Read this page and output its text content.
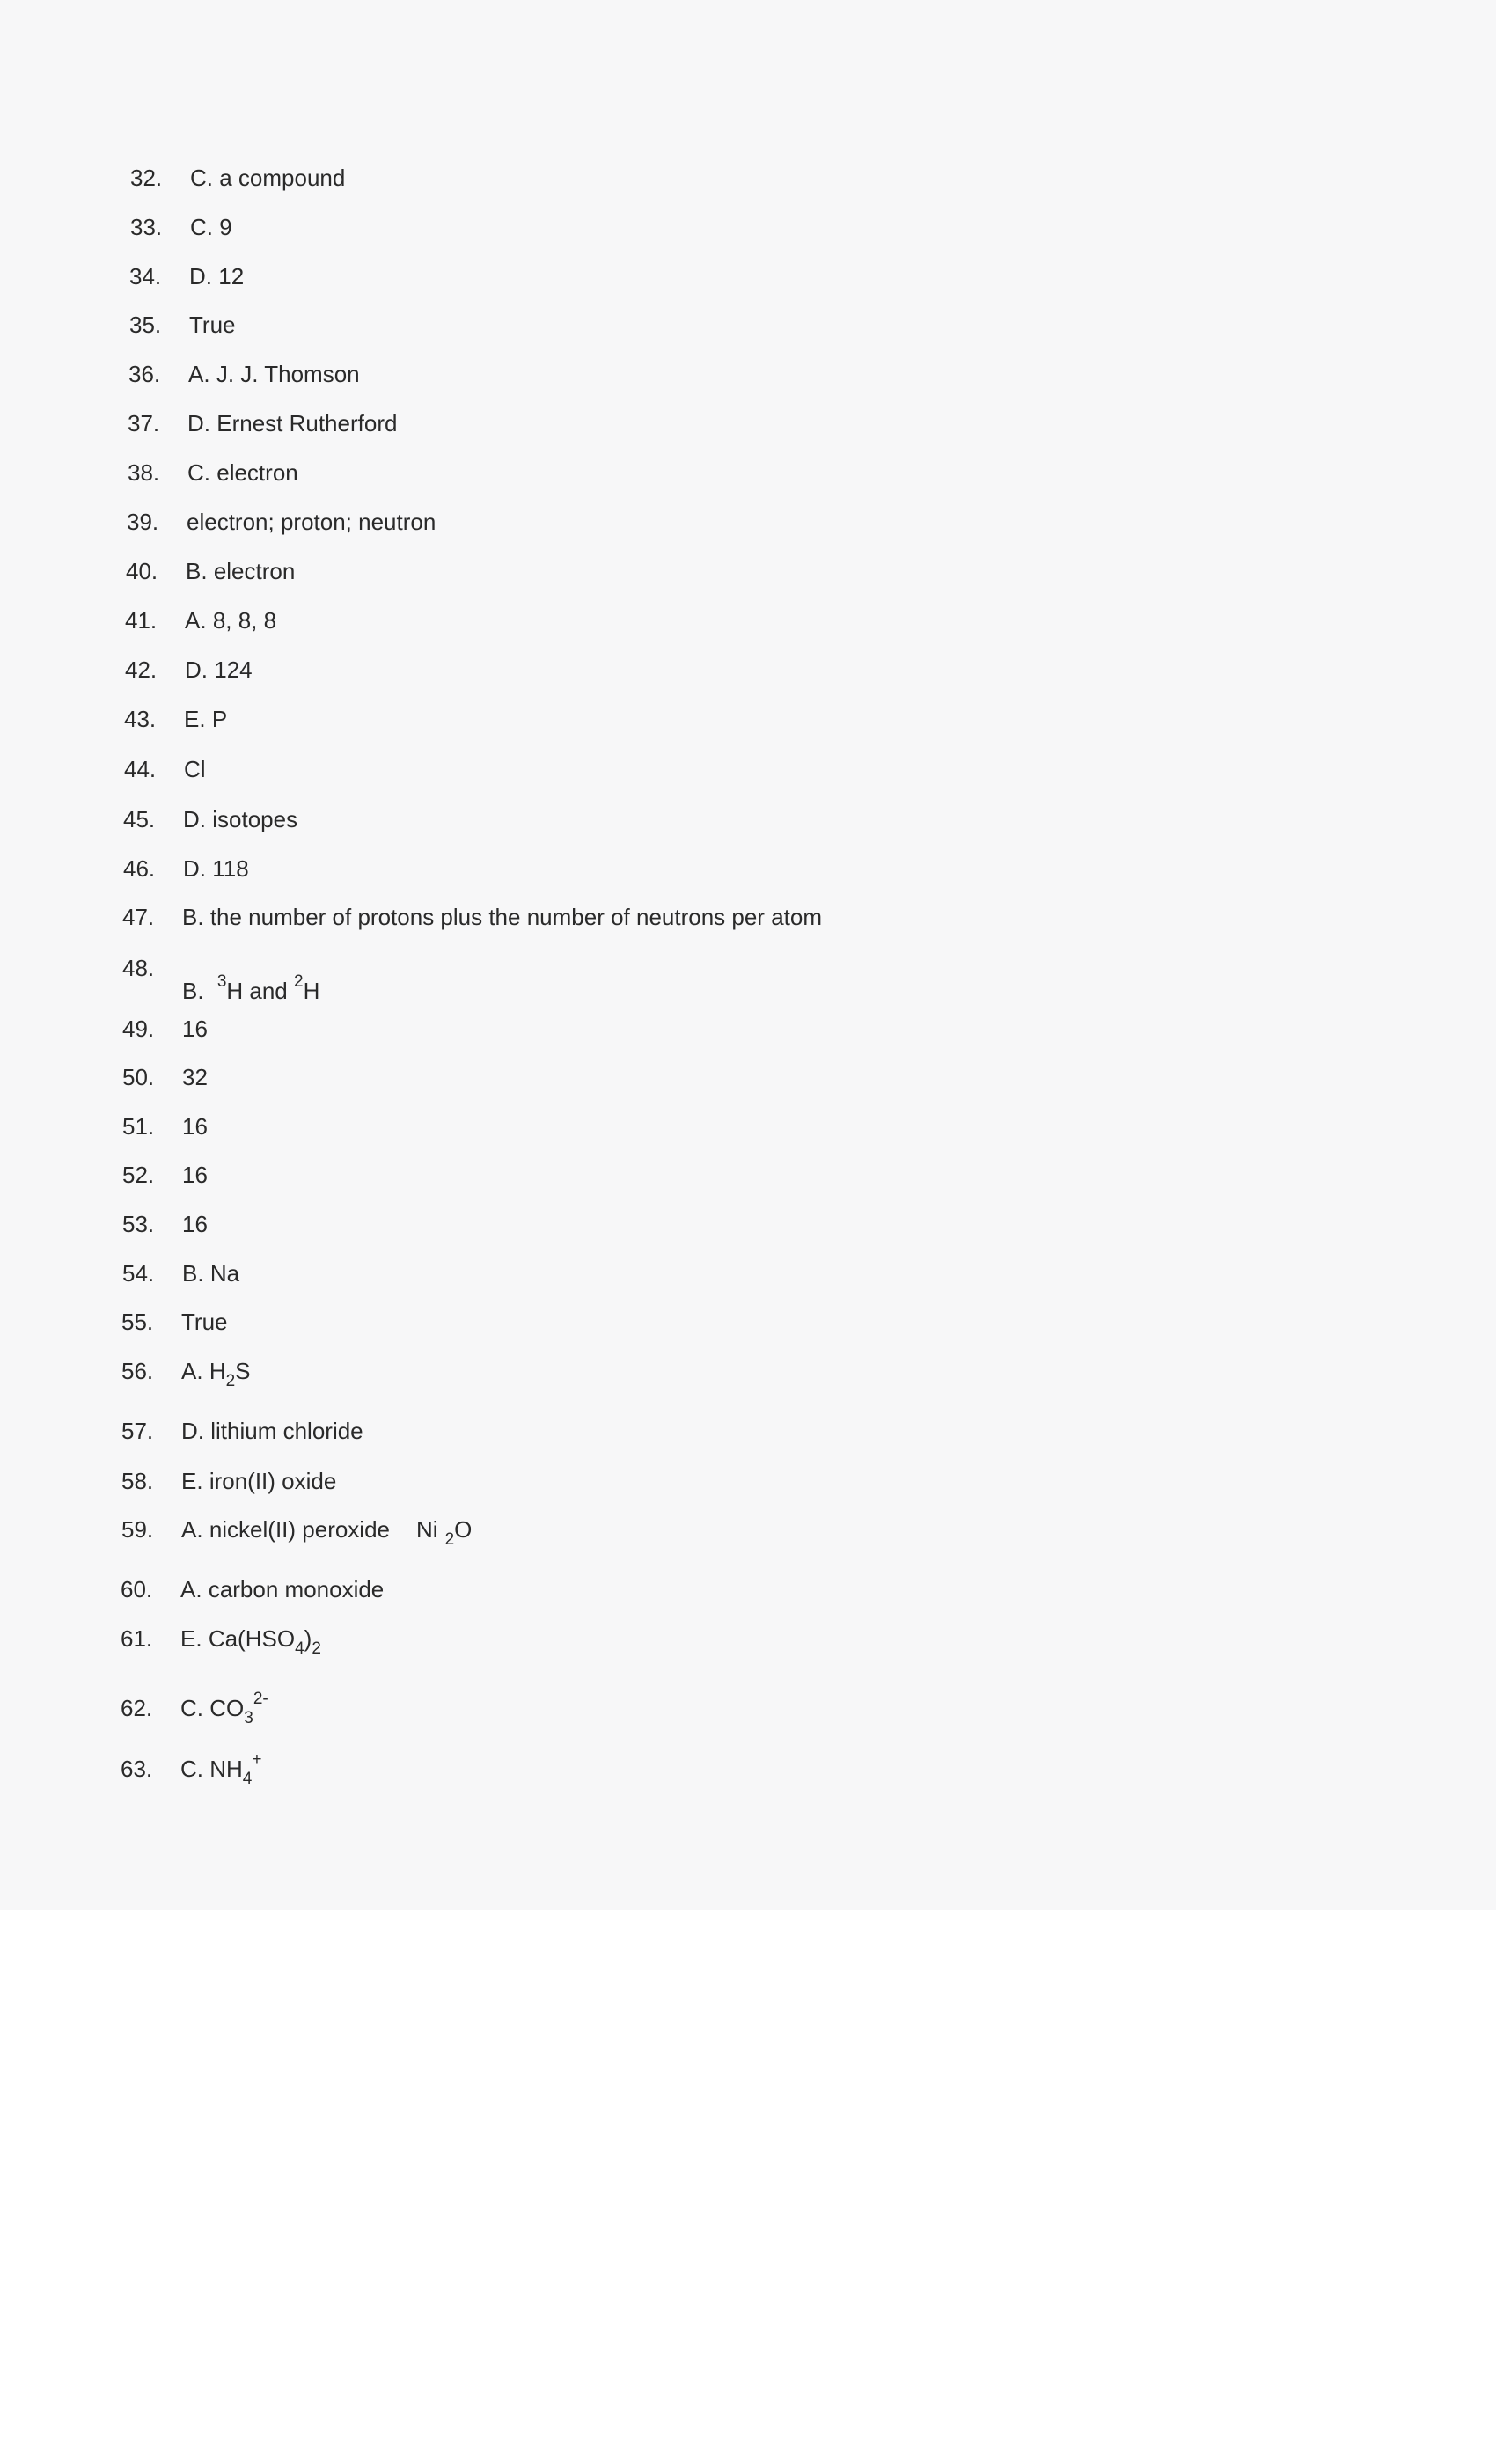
32. C. a compound
33. C. 9
34. D. 12
35. True
36. A. J. J. Thomson
37. D. Ernest Rutherford
38. C. electron
39. electron; proton; neutron
40. B. electron
41. A. 8, 8, 8
42. D. 124
43. E. P
44. Cl
45. D. isotopes
46. D. 118
47. B. the number of protons plus the number of neutrons per atom
48.B. $^3$H and $^2$H
49. 16
50. 32
51. 16
52. 16
53. 16
54. B. Na
55. True
56. A. $H_2S$
57. D. lithium chloride
58. E. iron(II) oxide
59. A. nickel(II) peroxide Ni $_2$O
60. A. carbon monoxide
61. E. $Ca(HSO_4)_2$
62. C. $CO_3^{2-}$
63. C. $NH_4^+$
